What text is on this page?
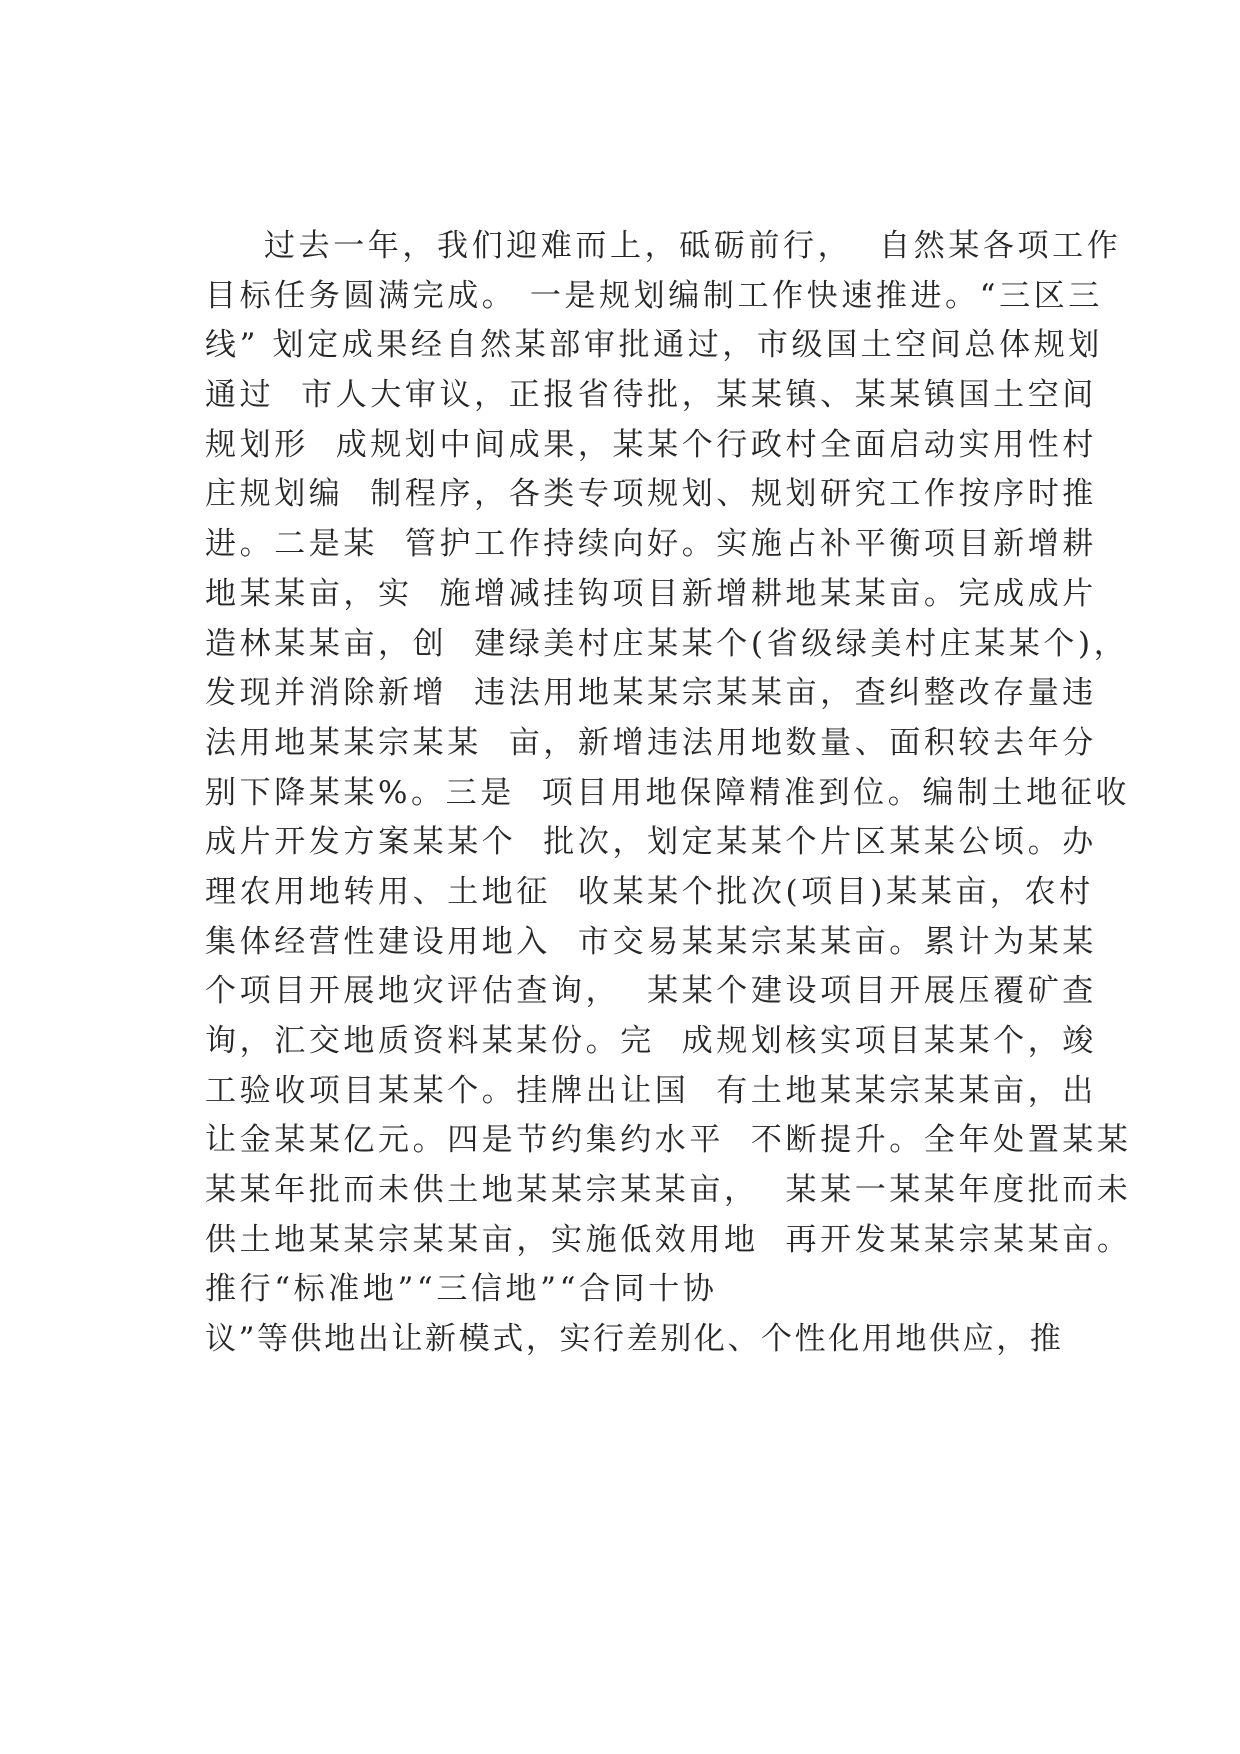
过去一年，我们迎难而上，砥砺前行，  自然某各项工作
目标任务圆满完成。 一是规划编制工作快速推进。“三区三
线” 划定成果经自然某部审批通过，市级国土空间总体规划
通过  市人大审议，正报省待批，某某镇、某某镇国土空间
规划形  成规划中间成果，某某个行政村全面启动实用性村
庄规划编  制程序，各类专项规划、规划研究工作按序时推
进。二是某  管护工作持续向好。实施占补平衡项目新增耕
地某某亩，实  施增减挂钩项目新增耕地某某亩。完成成片
造林某某亩，创  建绿美村庄某某个(省级绿美村庄某某个)，
发现并消除新增  违法用地某某宗某某亩，查纠整改存量违
法用地某某宗某某  亩，新增违法用地数量、面积较去年分
别下降某某%。三是  项目用地保障精准到位。编制土地征收
成片开发方案某某个  批次，划定某某个片区某某公顷。办
理农用地转用、土地征  收某某个批次(项目)某某亩，农村
集体经营性建设用地入  市交易某某宗某某亩。累计为某某
个项目开展地灾评估查询，  某某个建设项目开展压覆矿查
询，汇交地质资料某某份。完  成规划核实项目某某个，竣
工验收项目某某个。挂牌出让国  有土地某某宗某某亩，出
让金某某亿元。四是节约集约水平  不断提升。全年处置某某
某某年批而未供土地某某宗某某亩，  某某一某某年度批而未
供土地某某宗某某亩，实施低效用地  再开发某某宗某某亩。
推行“标准地”“三信地”“合同十协
议”等供地出让新模式，实行差别化、个性化用地供应，推
